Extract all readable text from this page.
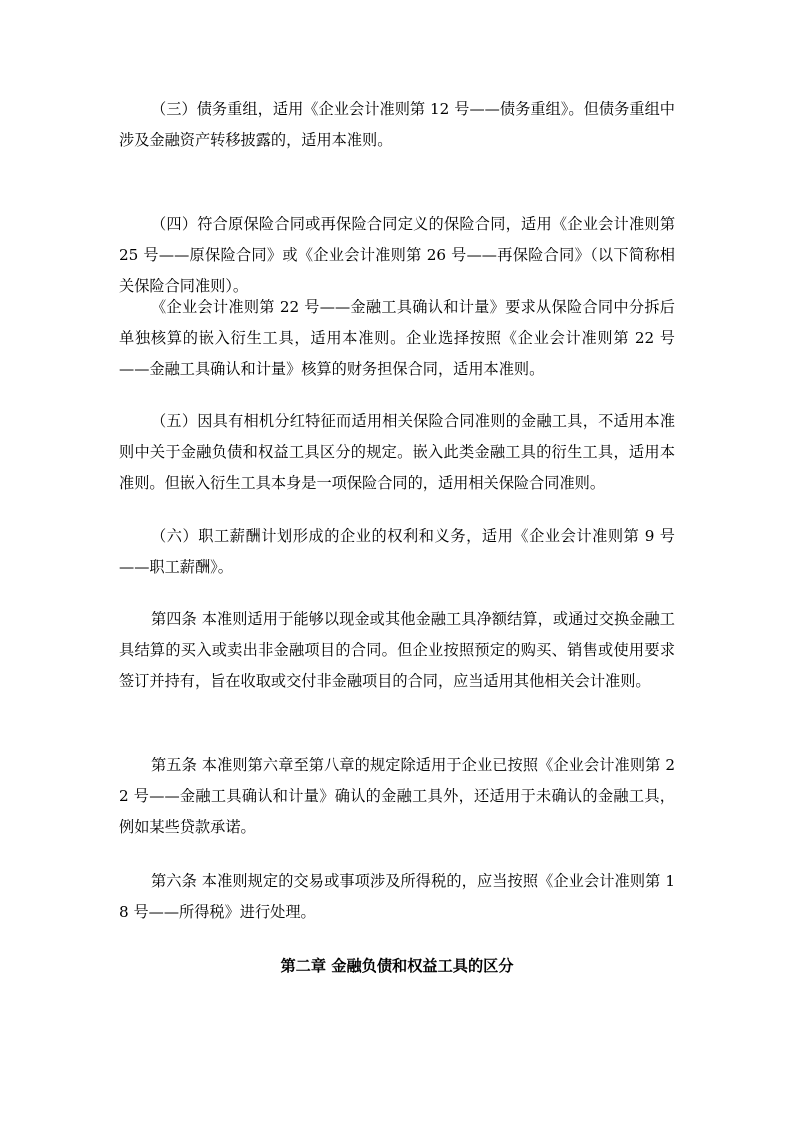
（三）债务重组，适用《企业会计准则第 12 号——债务重组》。但债务重组中涉及金融资产转移披露的，适用本准则。

（四）符合原保险合同或再保险合同定义的保险合同，适用《企业会计准则第 25 号——原保险合同》或《企业会计准则第 26 号——再保险合同》（以下简称相关保险合同准则）。

《企业会计准则第 22 号——金融工具确认和计量》要求从保险合同中分拆后单独核算的嵌入衍生工具，适用本准则。企业选择按照《企业会计准则第 22 号——金融工具确认和计量》核算的财务担保合同，适用本准则。

（五）因具有相机分红特征而适用相关保险合同准则的金融工具，不适用本准则中关于金融负债和权益工具区分的规定。嵌入此类金融工具的衍生工具，适用本准则。但嵌入衍生工具本身是一项保险合同的，适用相关保险合同准则。

（六）职工薪酬计划形成的企业的权利和义务，适用《企业会计准则第 9 号——职工薪酬》。

第四条 本准则适用于能够以现金或其他金融工具净额结算，或通过交换金融工具结算的买入或卖出非金融项目的合同。但企业按照预定的购买、销售或使用要求签订并持有，旨在收取或交付非金融项目的合同，应当适用其他相关会计准则。

第五条 本准则第六章至第八章的规定除适用于企业已按照《企业会计准则第 22 号——金融工具确认和计量》确认的金融工具外，还适用于未确认的金融工具，例如某些贷款承诺。

第六条 本准则规定的交易或事项涉及所得税的，应当按照《企业会计准则第 18 号——所得税》进行处理。

第二章 金融负债和权益工具的区分
